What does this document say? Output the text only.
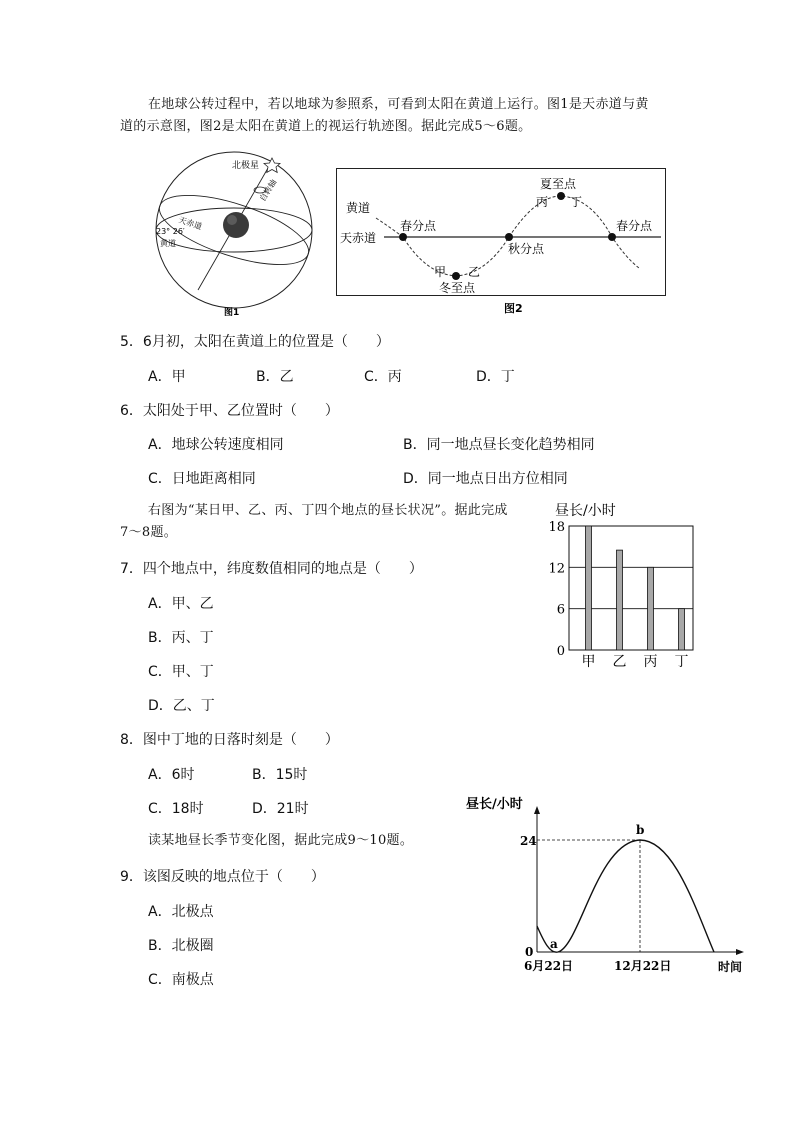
在地球公转过程中，若以地球为参照系，可看到太阳在黄道上运行。图1是天赤道与黄
道的示意图，图2是太阳在黄道上的视运行轨迹图。据此完成5～6题。
北极星
自转轴
天赤道
23° 26′
黄道
图1
黄道
天赤道
春分点
秋分点
夏至点
春分点
冬至点
甲 乙
丙 丁
图2
5．6月初，太阳在黄道上的位置是（　　）
A．甲	B．乙	C．丙	D．丁
6．太阳处于甲、乙位置时（　　）
A．地球公转速度相同	B．同一地点昼长变化趋势相同
C．日地距离相同	D．同一地点日出方位相同
右图为“某日甲、乙、丙、丁四个地点的昼长状况”。据此完成
7～8题。
昼长/小时
0
6
12
18
甲 乙 丙 丁
7．四个地点中，纬度数值相同的地点是（　　）
A．甲、乙
B．丙、丁
C．甲、丁
D．乙、丁
8．图中丁地的日落时刻是（　　）
A．6时	B．15时
C．18时	D．21时
读某地昼长季节变化图，据此完成9～10题。
昼长/小时
24
0
6月22日	12月22日	时间
a
b
9．该图反映的地点位于（　　）
A．北极点
B．北极圈
C．南极点
